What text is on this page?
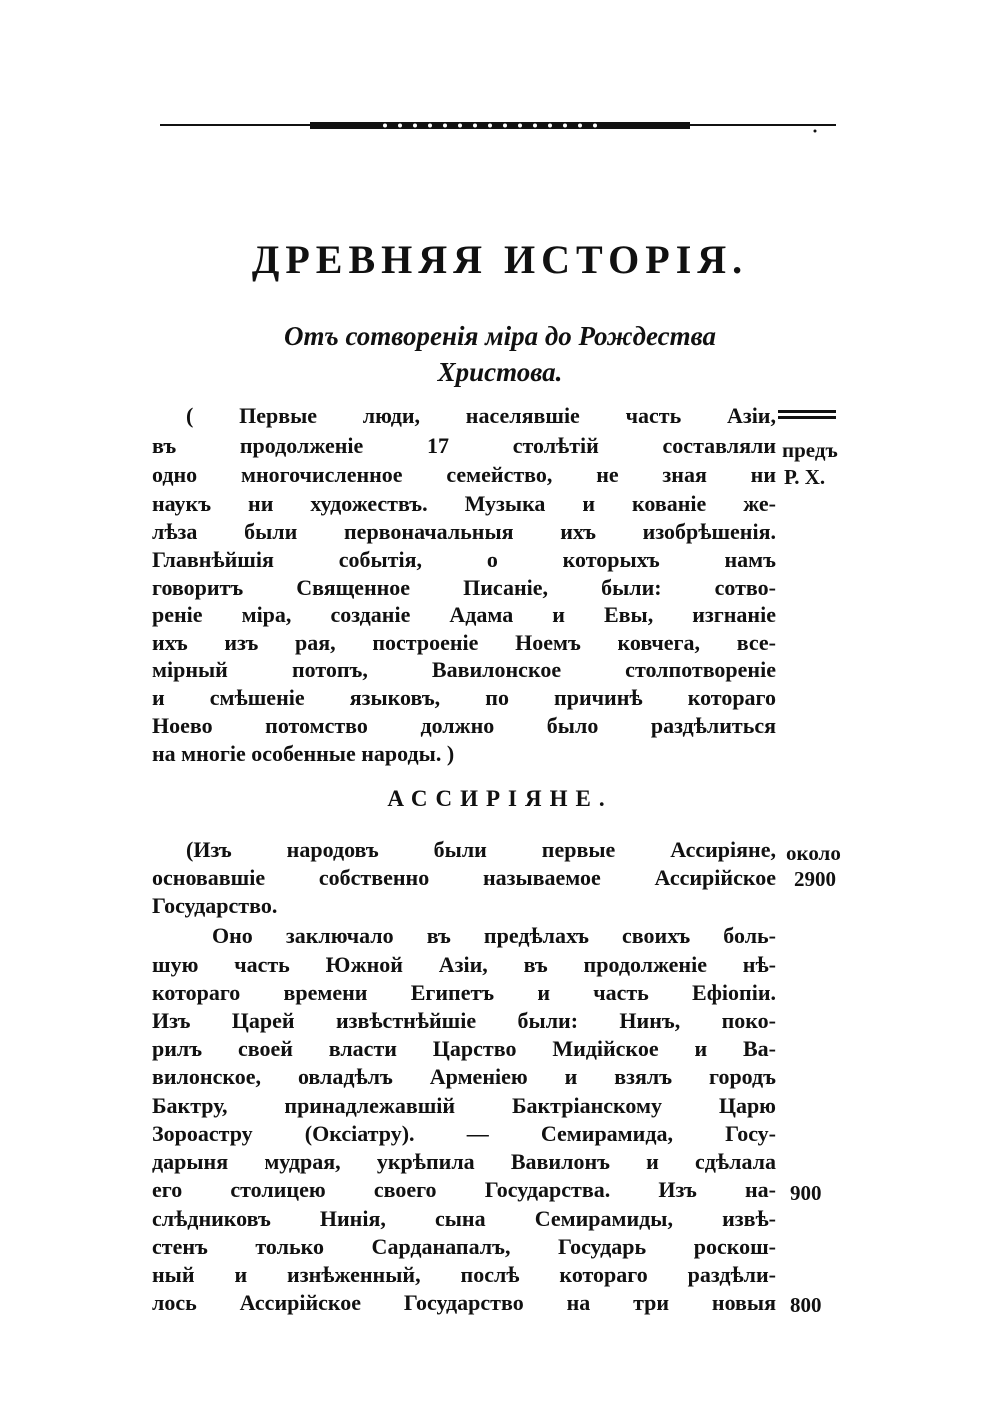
ДРЕВНЯЯ ИСТОРІЯ.
Отъ сотворенія міра до Рождества
Христова.
( Первые люди, населявшіе часть Азіи,
въ продолженіе 17 столѣтій составляли
одно многочисленное семейство, не зная ни
наукъ ни художествъ. Музыка и кованіе же-
лѣза были первоначальныя ихъ изобрѣшенія.
Главнѣйшія событія, о которыхъ намъ
говоритъ Священное Писаніе, были: сотво-
реніе міра, созданіе Адама и Евы, изгнаніе
ихъ изъ рая, построеніе Ноемъ ковчега, все-
мірный потопъ, Вавилонское столпотвореніе
и смѣшеніе языковъ, по причинѣ котораго
Ноево потомство должно было раздѣлиться
на многіе особенные народы. )
предъ
Р. Х.
АССИРІЯНЕ.
(Изъ народовъ были первые Ассиріяне,
основавшіе собственно называемое Ассирійское
Государство.
около
2900
Оно заключало въ предѣлахъ своихъ боль-
шую часть Южной Азіи, въ продолженіе нѣ-
котораго времени Египетъ и часть Ефіопіи.
Изъ Царей извѣстнѣйшіе были: Нинъ, поко-
рилъ своей власти Царство Мидійское и Ва-
вилонское, овладѣлъ Арменіею и взялъ городъ
Бактру, принадлежавшій Бактріанскому Царю
Зороастру (Оксіатру). — Семирамида, Госу-
дарыня мудрая, укрѣпила Вавилонъ и сдѣлала
его столицею своего Государства. Изъ на-
слѣдниковъ Нинія, сына Семирамиды, извѣ-
стенъ только Сарданапалъ, Государь роскош-
ный и изнѣженный, послѣ котораго раздѣли-
лось Ассирійское Государство на три новыя
900
800
